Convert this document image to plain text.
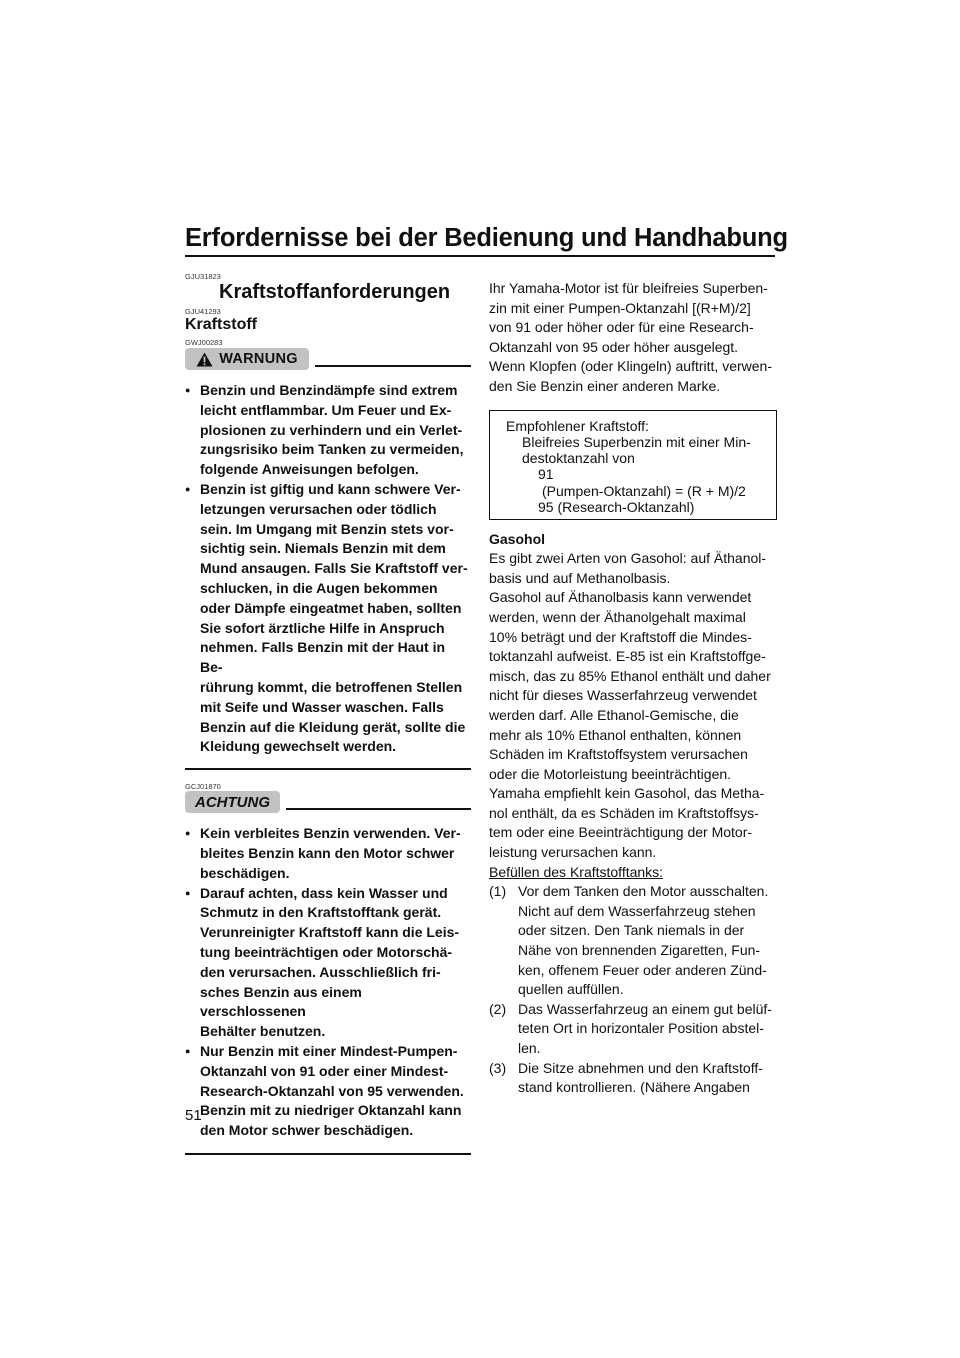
Erfordernisse bei der Bedienung und Handhabung
GJU31823
Kraftstoffanforderungen
GJU41293
Kraftstoff
GWJ00283
WARNUNG
● Benzin und Benzindämpfe sind extrem
leicht entflammbar. Um Feuer und Ex-
plosionen zu verhindern und ein Verlet-
zungsrisiko beim Tanken zu vermeiden,
folgende Anweisungen befolgen.
● Benzin ist giftig und kann schwere Ver-
letzungen verursachen oder tödlich
sein. Im Umgang mit Benzin stets vor-
sichtig sein. Niemals Benzin mit dem
Mund ansaugen. Falls Sie Kraftstoff ver-
schlucken, in die Augen bekommen
oder Dämpfe eingeatmet haben, sollten
Sie sofort ärztliche Hilfe in Anspruch
nehmen. Falls Benzin mit der Haut in Be-
rührung kommt, die betroffenen Stellen
mit Seife und Wasser waschen. Falls
Benzin auf die Kleidung gerät, sollte die
Kleidung gewechselt werden.
GCJ01870
ACHTUNG
● Kein verbleites Benzin verwenden. Ver-
bleites Benzin kann den Motor schwer
beschädigen.
● Darauf achten, dass kein Wasser und
Schmutz in den Kraftstofftank gerät.
Verunreinigter Kraftstoff kann die Leis-
tung beeinträchtigen oder Motorschä-
den verursachen. Ausschließlich fri-
sches Benzin aus einem verschlossenen
Behälter benutzen.
● Nur Benzin mit einer Mindest-Pumpen-
Oktanzahl von 91 oder einer Mindest-
Research-Oktanzahl von 95 verwenden.
Benzin mit zu niedriger Oktanzahl kann
den Motor schwer beschädigen.
Ihr Yamaha-Motor ist für bleifreies Superben-
zin mit einer Pumpen-Oktanzahl [(R+M)/2]
von 91 oder höher oder für eine Research-
Oktanzahl von 95 oder höher ausgelegt.
Wenn Klopfen (oder Klingeln) auftritt, verwen-
den Sie Benzin einer anderen Marke.
Empfohlener Kraftstoff:
Bleifreies Superbenzin mit einer Min-
destoktanzahl von
91
(Pumpen-Oktanzahl) = (R + M)/2
95 (Research-Oktanzahl)
Gasohol
Es gibt zwei Arten von Gasohol: auf Äthanol-
basis und auf Methanolbasis.
Gasohol auf Äthanolbasis kann verwendet
werden, wenn der Äthanolgehalt maximal
10% beträgt und der Kraftstoff die Mindes-
toktanzahl aufweist. E-85 ist ein Kraftstoffge-
misch, das zu 85% Ethanol enthält und daher
nicht für dieses Wasserfahrzeug verwendet
werden darf. Alle Ethanol-Gemische, die
mehr als 10% Ethanol enthalten, können
Schäden im Kraftstoffsystem verursachen
oder die Motorleistung beeinträchtigen.
Yamaha empfiehlt kein Gasohol, das Metha-
nol enthält, da es Schäden im Kraftstoffsys-
tem oder eine Beeinträchtigung der Motor-
leistung verursachen kann.
Befüllen des Kraftstofftanks:
(1) Vor dem Tanken den Motor ausschalten.
Nicht auf dem Wasserfahrzeug stehen
oder sitzen. Den Tank niemals in der
Nähe von brennenden Zigaretten, Fun-
ken, offenem Feuer oder anderen Zünd-
quellen auffüllen.
(2) Das Wasserfahrzeug an einem gut belüf-
teten Ort in horizontaler Position abstel-
len.
(3) Die Sitze abnehmen und den Kraftstoff-
stand kontrollieren. (Nähere Angaben
51
